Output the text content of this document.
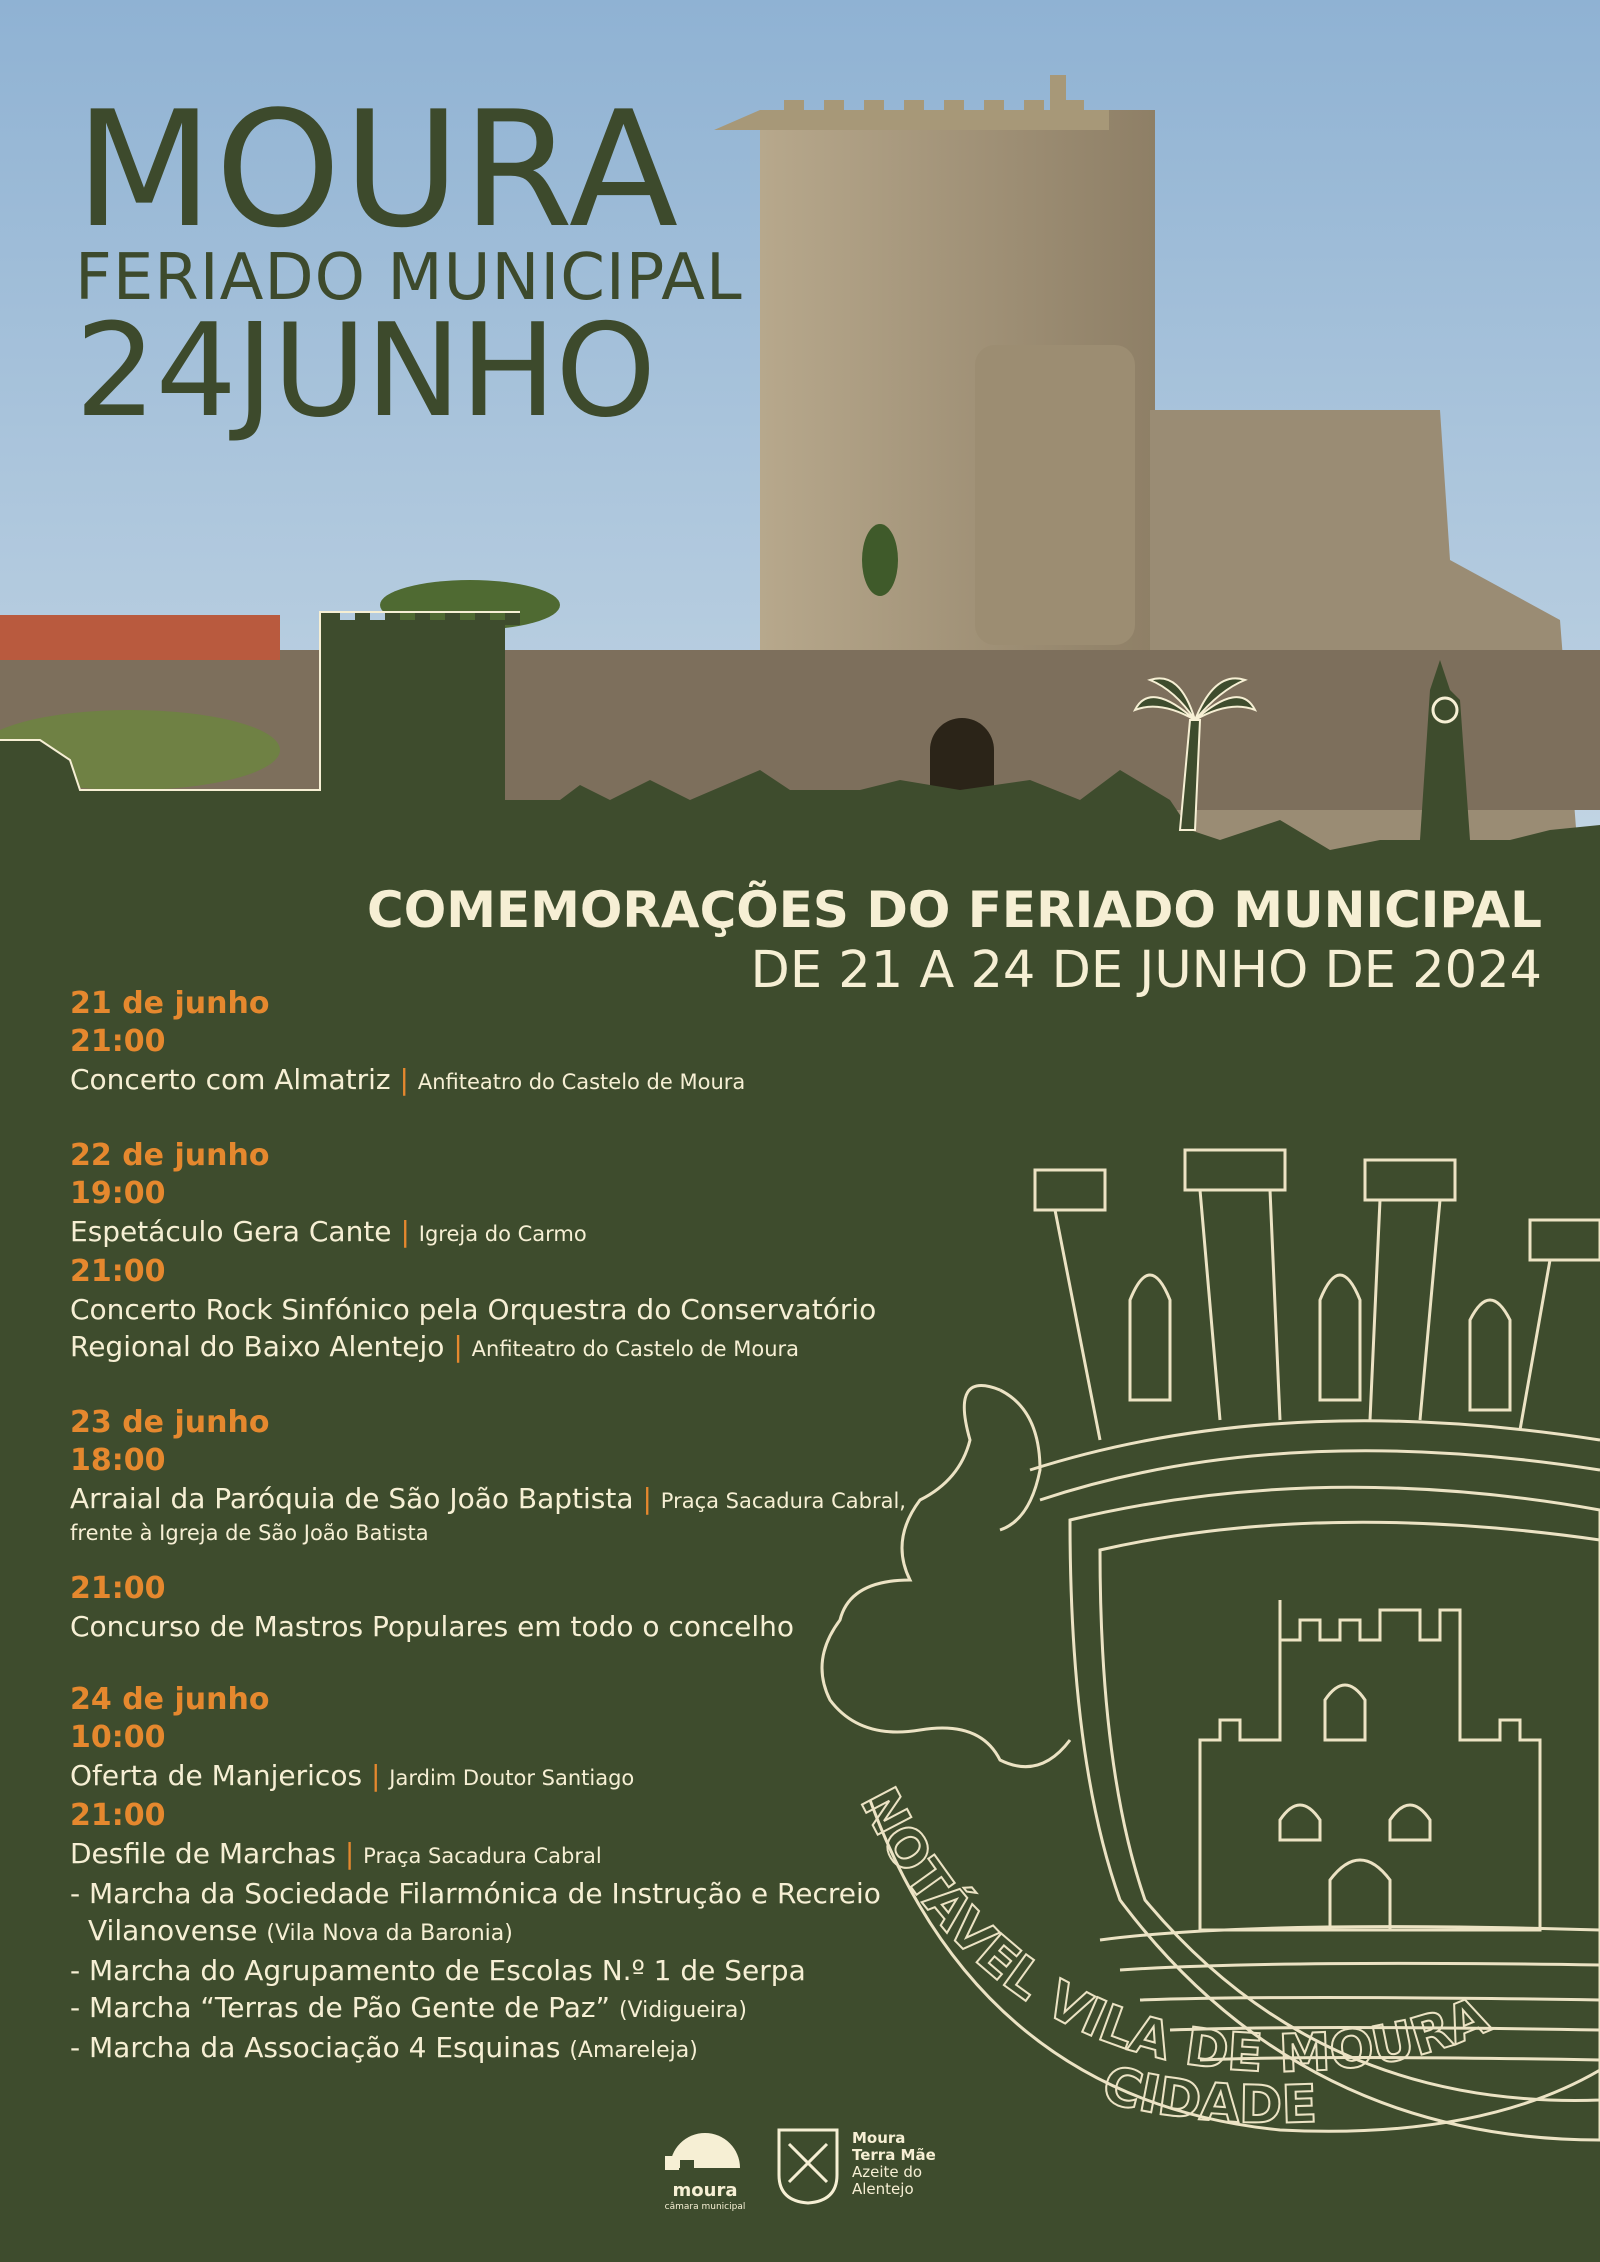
MOURA
FERIADO MUNICIPAL
24JUNHO
COMEMORAÇÕES DO FERIADO MUNICIPAL
DE 21 A 24 DE JUNHO DE 2024
NOTÁVEL VILA DE MOURA
CIDADE
21 de junho
21:00
Concerto com Almatriz | Anfiteatro do Castelo de Moura
22 de junho
19:00
Espetáculo Gera Cante | Igreja do Carmo
21:00
Concerto Rock Sinfónico pela Orquestra do Conservatório
Regional do Baixo Alentejo | Anfiteatro do Castelo de Moura
23 de junho
18:00
Arraial da Paróquia de São João Baptista | Praça Sacadura Cabral,
frente à Igreja de São João Batista
21:00
Concurso de Mastros Populares em todo o concelho
24 de junho
10:00
Oferta de Manjericos | Jardim Doutor Santiago
21:00
Desfile de Marchas | Praça Sacadura Cabral
- Marcha da Sociedade Filarmónica de Instrução e Recreio Vilanovense (Vila Nova da Baronia)
- Marcha do Agrupamento de Escolas N.º 1 de Serpa
- Marcha “Terras de Pão Gente de Paz” (Vidigueira)
- Marcha da Associação 4 Esquinas (Amareleja)
moura
câmara municipal
Moura
Terra Mãe
Azeite do
Alentejo
